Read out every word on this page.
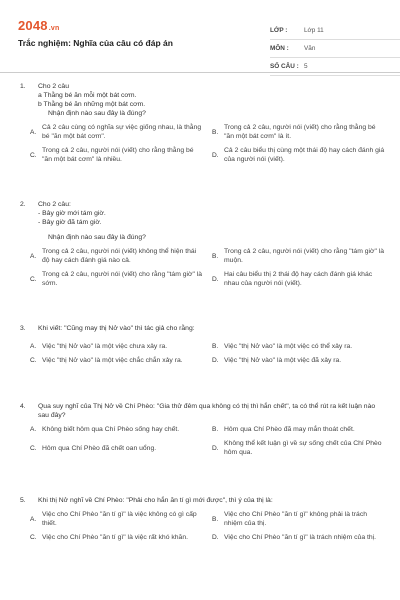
2048.vn
Trắc nghiệm: Nghĩa của câu có đáp án
LỚP :	Lớp 11
MÔN :	Văn
SỐ CÂU : 5
1.	Cho 2 câu
a Thằng bé ăn mỗi một bát cơm.
b Thằng bé ăn những một bát cơm.
Nhận định nào sau đây là đúng?
A.
Cả 2 câu cùng có nghĩa sự việc giống nhau, là thằng bé "ăn một bát cơm".
B.
Trong cả 2 câu, người nói (viết) cho rằng thằng bé "ăn một bát cơm" là ít.
C.
Trong cả 2 câu, người nói (viết) cho rằng thằng bé "ăn một bát cơm" là nhiều.
D.
Cả 2 câu biểu thị cùng một thái độ hay cách đánh giá của người nói (viết).
2.	Cho 2 câu:
- Bây giờ mới tám giờ.
- Bây giờ đã tám giờ.
Nhận định nào sau đây là đúng?
A.
Trong cả 2 câu, người nói (viết) không thể hiện thái độ hay cách đánh giá nào cả.
B.
Trong cả 2 câu, người nói (viết) cho rằng "tám giờ" là muộn.
C.
Trong cả 2 câu, người nói (viết) cho rằng "tám giờ" là sớm.
D.
Hai câu biểu thị 2 thái độ hay cách đánh giá khác nhau của người nói (viết).
3.	Khi viết: "Cũng may thị Nở vào" thì tác giả cho rằng:
A. Việc "thị Nở vào" là một việc chưa xảy ra.	B. Việc "thị Nở vào" là một việc có thể xảy ra.
C. Việc "thị Nở vào" là một việc chắc chắn xảy ra.	D. Việc "thị Nở vào" là một việc đã xảy ra.
4.	Qua suy nghĩ của Thị Nở về Chí Phèo: "Gia thử đêm qua không có thị thì hắn chết", ta có thể rút ra kết luận nào sau đây?
A. Không biết hôm qua Chí Phèo sống hay chết.	B. Hôm qua Chí Phèo đã may mắn thoát chết.
C. Hôm qua Chí Phèo đã chết oan uổng.	D.
Không thể kết luận gì về sự sống chết của Chí Phèo hôm qua.
5.	Khi thị Nở nghĩ về Chí Phèo: "Phải cho hắn ăn tí gì mới được", thì ý của thị là:
A.
Việc cho Chí Phèo "ăn tí gì" là việc không có gì cấp thiết.
B.
Việc cho Chí Phèo "ăn tí gì" không phải là trách nhiệm của thị.
C. Việc cho Chí Phèo "ăn tí gì" là việc rất khó khăn.	D. Việc cho Chí Phèo "ăn tí gì" là trách nhiệm của thị.
